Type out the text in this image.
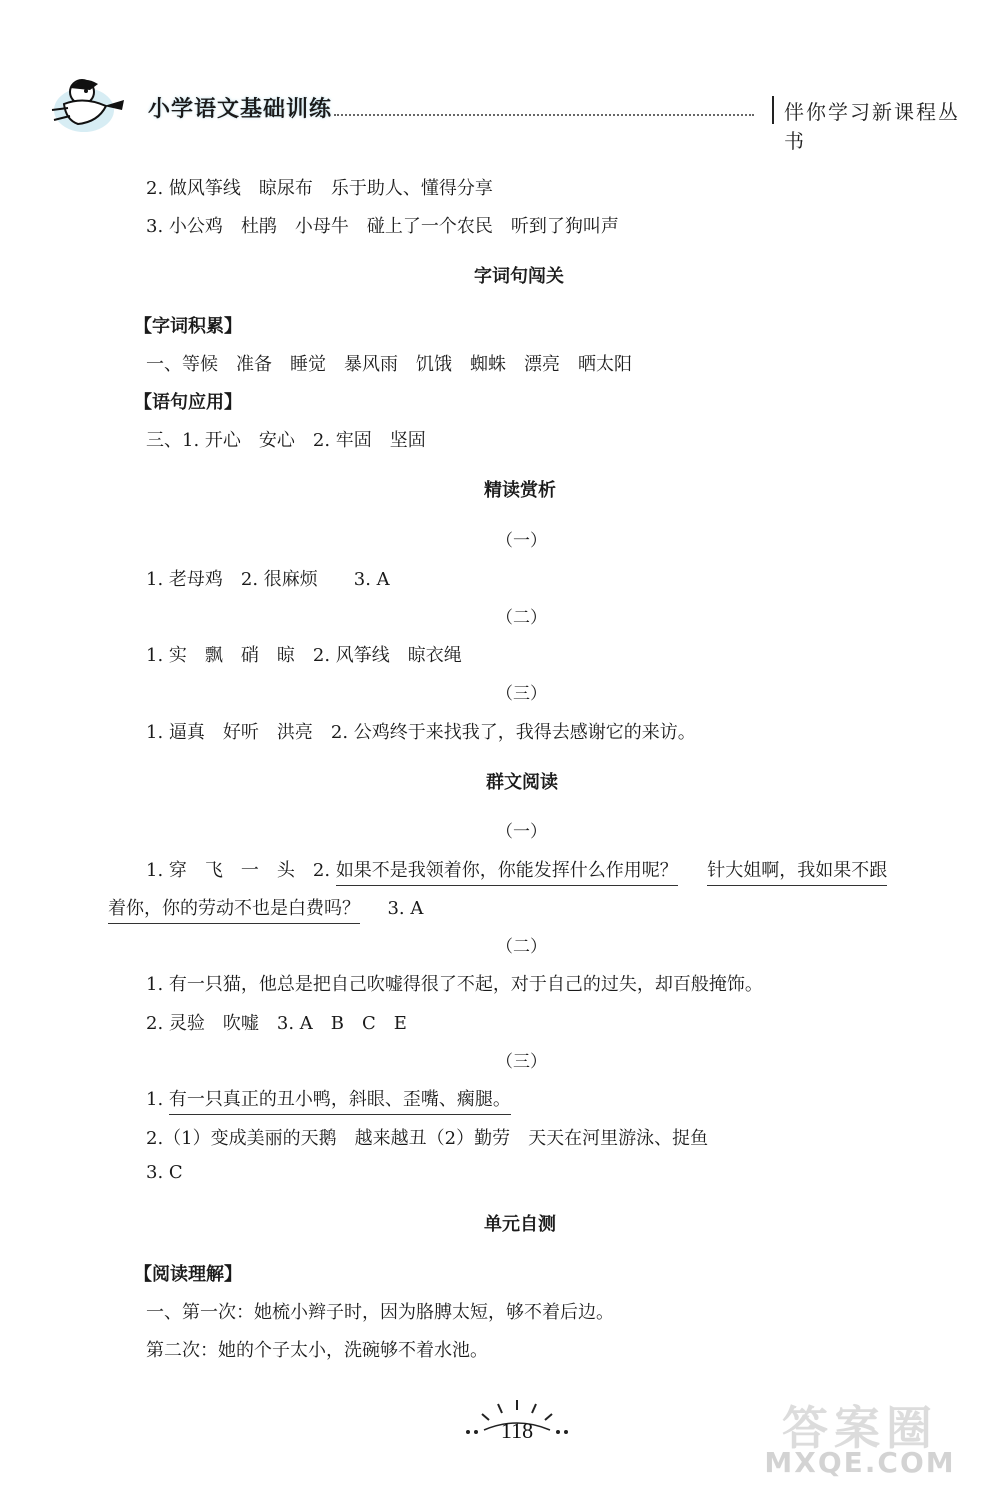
小学语文基础训练	伴你学习新课程丛书
2. 做风筝线　晾尿布　乐于助人、懂得分享
3. 小公鸡　杜鹃　小母牛　碰上了一个农民　听到了狗叫声
字词句闯关
【字词积累】
一、等候　准备　睡觉　暴风雨　饥饿　蜘蛛　漂亮　晒太阳
【语句应用】
三、1. 开心　安心　2. 牢固　坚固
精读赏析
（一）
1. 老母鸡　2. 很麻烦　　3. A
（二）
1. 实　飘　硝　晾　2. 风筝线　晾衣绳
（三）
1. 逼真　好听　洪亮　2. 公鸡终于来找我了，我得去感谢它的来访。
群文阅读
（一）
1. 穿　飞　一　头　2. 如果不是我领着你，你能发挥什么作用呢？ 针大姐啊，我如果不跟
着你，你的劳动不也是白费吗？ 3. A
（二）
1. 有一只猫，他总是把自己吹嘘得很了不起，对于自己的过失，却百般掩饰。
2. 灵验　吹嘘　3. A　B　C　E
（三）
1. 有一只真正的丑小鸭，斜眼、歪嘴、瘸腿。
2.（1）变成美丽的天鹅　越来越丑（2）勤劳　天天在河里游泳、捉鱼
3. C
单元自测
【阅读理解】
一、第一次：她梳小辫子时，因为胳膊太短，够不着后边。
第二次：她的个子太小，洗碗够不着水池。
118	答案圈
MXQE.COM
